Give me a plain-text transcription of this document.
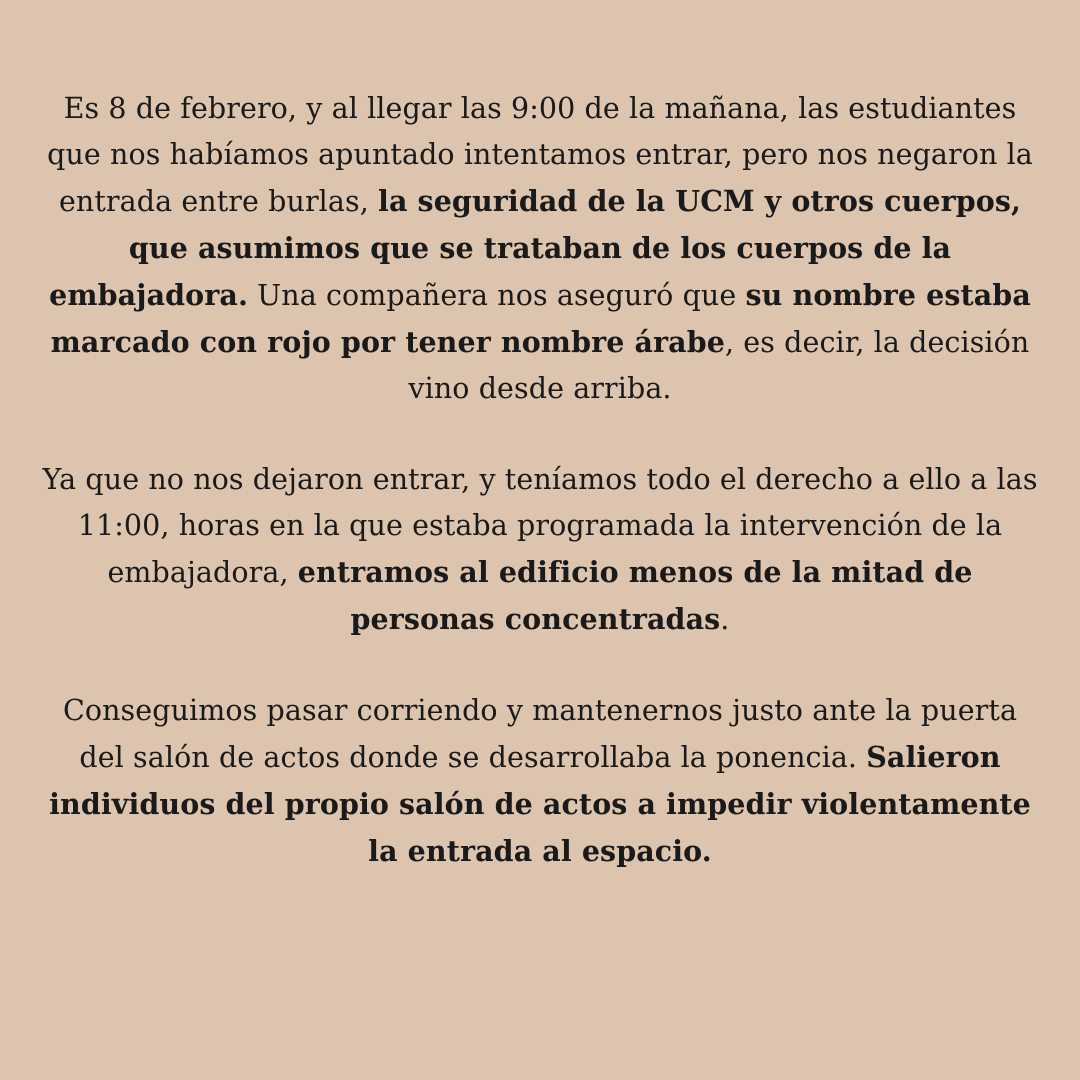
Es 8 de febrero, y al llegar las 9:00 de la mañana, las estudiantes que nos habíamos apuntado intentamos entrar, pero nos negaron la entrada entre burlas, la seguridad de la UCM y otros cuerpos, que asumimos que se trataban de los cuerpos de la embajadora. Una compañera nos aseguró que su nombre estaba marcado con rojo por tener nombre árabe, es decir, la decisión vino desde arriba.

Ya que no nos dejaron entrar, y teníamos todo el derecho a ello a las 11:00, horas en la que estaba programada la intervención de la embajadora, entramos al edificio menos de la mitad de personas concentradas.

Conseguimos pasar corriendo y mantenernos justo ante la puerta del salón de actos donde se desarrollaba la ponencia. Salieron individuos del propio salón de actos a impedir violentamente la entrada al espacio.
